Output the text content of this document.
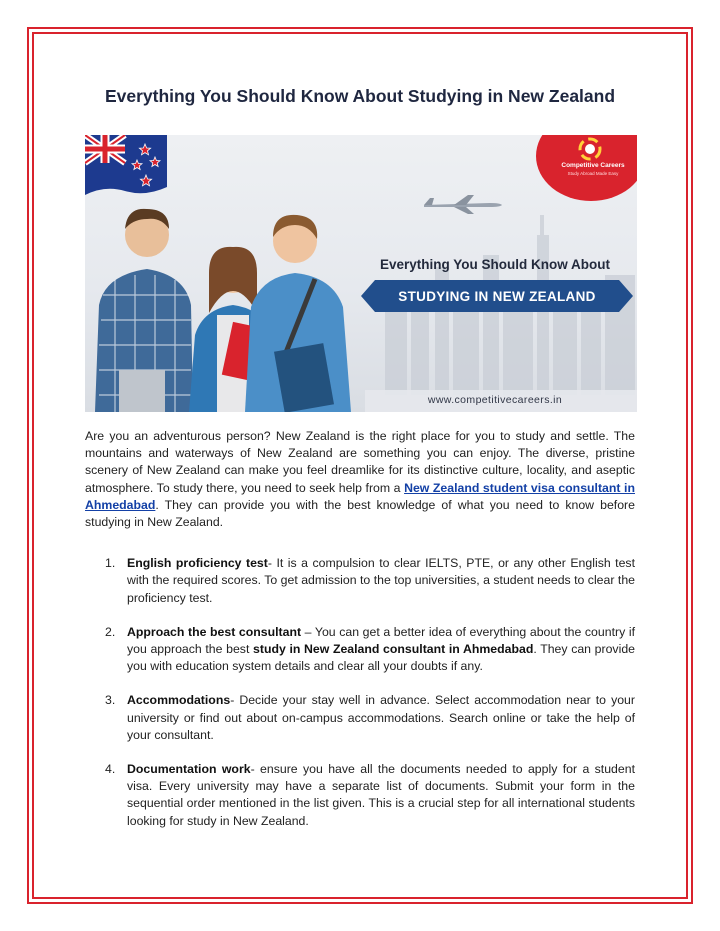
Everything You Should Know About Studying in New Zealand
Competitive Careers
Study Abroad Made Easy
Everything You Should Know About
STUDYING IN NEW ZEALAND
www.competitivecareers.in

Are you an adventurous person? New Zealand is the right place for you to study and settle. The mountains and waterways of New Zealand are something you can enjoy. The diverse, pristine scenery of New Zealand can make you feel dreamlike for its distinctive culture, locality, and aseptic atmosphere. To study there, you need to seek help from a New Zealand student visa consultant in Ahmedabad. They can provide you with the best knowledge of what you need to know before studying in New Zealand.

1. English proficiency test- It is a compulsion to clear IELTS, PTE, or any other English test with the required scores. To get admission to the top universities, a student needs to clear the proficiency test.
2. Approach the best consultant – You can get a better idea of everything about the country if you approach the best study in New Zealand consultant in Ahmedabad. They can provide you with education system details and clear all your doubts if any.
3. Accommodations- Decide your stay well in advance. Select accommodation near to your university or find out about on-campus accommodations. Search online or take the help of your consultant.
4. Documentation work- ensure you have all the documents needed to apply for a student visa. Every university may have a separate list of documents. Submit your form in the sequential order mentioned in the list given. This is a crucial step for all international students looking for study in New Zealand.
